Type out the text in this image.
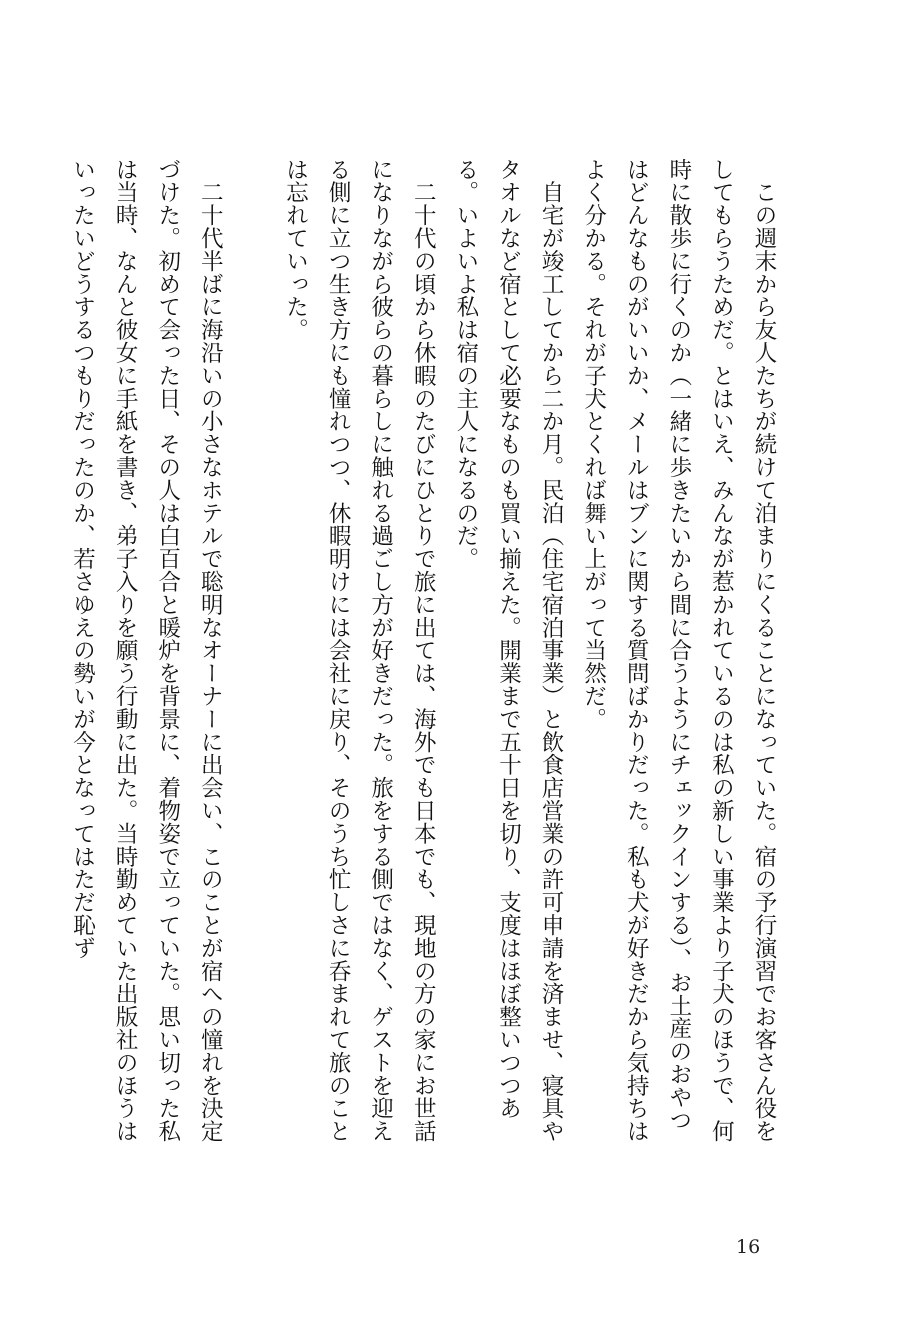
　この週末から友人たちが続けて泊まりにくることになっていた。宿の予行演習でお客さん役をしてもらうためだ。とはいえ、みんなが惹かれているのは私の新しい事業より子犬のほうで、何時に散歩に行くのか（一緒に歩きたいから間に合うようにチェックインする）、お土産のおやつはどんなものがいいか、メールはブンに関する質問ばかりだった。私も犬が好きだから気持ちはよく分かる。それが子犬とくれば舞い上がって当然だ。

　自宅が竣工してから二か月。民泊（住宅宿泊事業）と飲食店営業の許可申請を済ませ、寝具やタオルなど宿として必要なものも買い揃えた。開業まで五十日を切り、支度はほぼ整いつつある。いよいよ私は宿の主人になるのだ。

　二十代の頃から休暇のたびにひとりで旅に出ては、海外でも日本でも、現地の方の家にお世話になりながら彼らの暮らしに触れる過ごし方が好きだった。旅をする側ではなく、ゲストを迎える側に立つ生き方にも憧れつつ、休暇明けには会社に戻り、そのうち忙しさに呑まれて旅のことは忘れていった。

　二十代半ばに海沿いの小さなホテルで聡明なオーナーに出会い、このことが宿への憧れを決定づけた。初めて会った日、その人は白百合と暖炉を背景に、着物姿で立っていた。思い切った私は当時、なんと彼女に手紙を書き、弟子入りを願う行動に出た。当時勤めていた出版社のほうはいったいどうするつもりだったのか、若さゆえの勢いが今となってはただ恥ず

16
